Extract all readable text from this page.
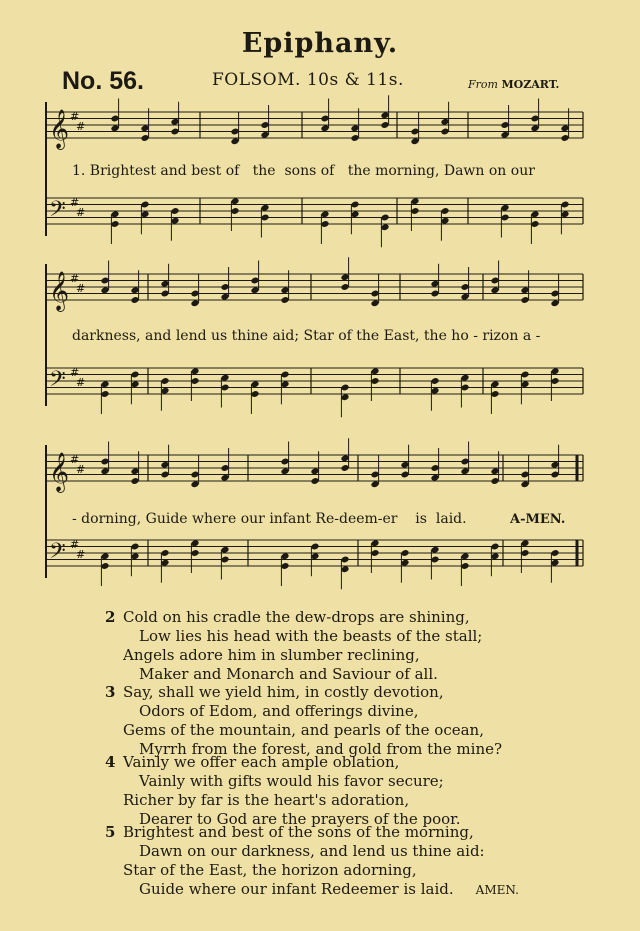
Epiphany.
No. 56.	FOLSOM. 10s & 11s.	From MOZART.
𝄞 #
#
𝄢 #
#
𝄞 #
#
𝄢 #
#
𝄞 #
#
𝄢 #
#
1. Brightest and best of   the  sons of   the morning, Dawn on our
darkness, and lend us thine aid; Star of the East, the ho - rizon a -
- dorning, Guide where our infant Re-deem-er    is  laid.	A-MEN.
2 Cold on his cradle the dew-drops are shining,
Low lies his head with the beasts of the stall;
Angels adore him in slumber reclining,
Maker and Monarch and Saviour of all.
3 Say, shall we yield him, in costly devotion,
Odors of Edom, and offerings divine,
Gems of the mountain, and pearls of the ocean,
Myrrh from the forest, and gold from the mine?
4 Vainly we offer each ample oblation,
Vainly with gifts would his favor secure;
Richer by far is the heart's adoration,
Dearer to God are the prayers of the poor.
5 Brightest and best of the sons of the morning,
Dawn on our darkness, and lend us thine aid:
Star of the East, the horizon adorning,
Guide where our infant Redeemer is laid. AMEN.
